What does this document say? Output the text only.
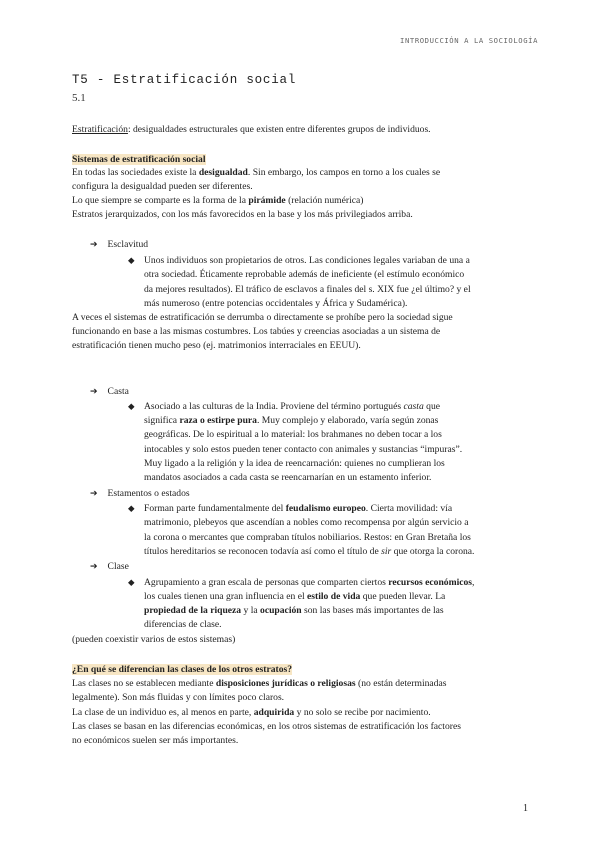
INTRODUCCIÓN A LA SOCIOLOGÍA
T5 - Estratificación social
5.1
Estratificación: desigualdades estructurales que existen entre diferentes grupos de individuos.
Sistemas de estratificación social
En todas las sociedades existe la desigualdad. Sin embargo, los campos en torno a los cuales se
configura la desigualdad pueden ser diferentes.
Lo que siempre se comparte es la forma de la pirámide (relación numérica)
Estratos jerarquizados, con los más favorecidos en la base y los más privilegiados arriba.
➔ Esclavitud
◆ Unos individuos son propietarios de otros. Las condiciones legales variaban de una a
otra sociedad. Éticamente reprobable además de ineficiente (el estímulo económico
da mejores resultados). El tráfico de esclavos a finales del s. XIX fue ¿el último? y el
más numeroso (entre potencias occidentales y África y Sudamérica).
A veces el sistemas de estratificación se derrumba o directamente se prohíbe pero la sociedad sigue
funcionando en base a las mismas costumbres. Los tabúes y creencias asociadas a un sistema de
estratificación tienen mucho peso (ej. matrimonios interraciales en EEUU).
➔ Casta
◆ Asociado a las culturas de la India. Proviene del término portugués casta que
significa raza o estirpe pura. Muy complejo y elaborado, varía según zonas
geográficas. De lo espiritual a lo material: los brahmanes no deben tocar a los
intocables y solo estos pueden tener contacto con animales y sustancias “impuras”.
Muy ligado a la religión y la idea de reencarnación: quienes no cumplieran los
mandatos asociados a cada casta se reencarnarían en un estamento inferior.
➔ Estamentos o estados
◆ Forman parte fundamentalmente del feudalismo europeo. Cierta movilidad: vía
matrimonio, plebeyos que ascendían a nobles como recompensa por algún servicio a
la corona o mercantes que compraban títulos nobiliarios. Restos: en Gran Bretaña los
títulos hereditarios se reconocen todavía así como el título de sir que otorga la corona.
➔ Clase
◆ Agrupamiento a gran escala de personas que comparten ciertos recursos económicos,
los cuales tienen una gran influencia en el estilo de vida que pueden llevar. La
propiedad de la riqueza y la ocupación son las bases más importantes de las
diferencias de clase.
(pueden coexistir varios de estos sistemas)
¿En qué se diferencian las clases de los otros estratos?
Las clases no se establecen mediante disposiciones jurídicas o religiosas (no están determinadas
legalmente). Son más fluidas y con límites poco claros.
La clase de un individuo es, al menos en parte, adquirida y no solo se recibe por nacimiento.
Las clases se basan en las diferencias económicas, en los otros sistemas de estratificación los factores
no económicos suelen ser más importantes.
1
